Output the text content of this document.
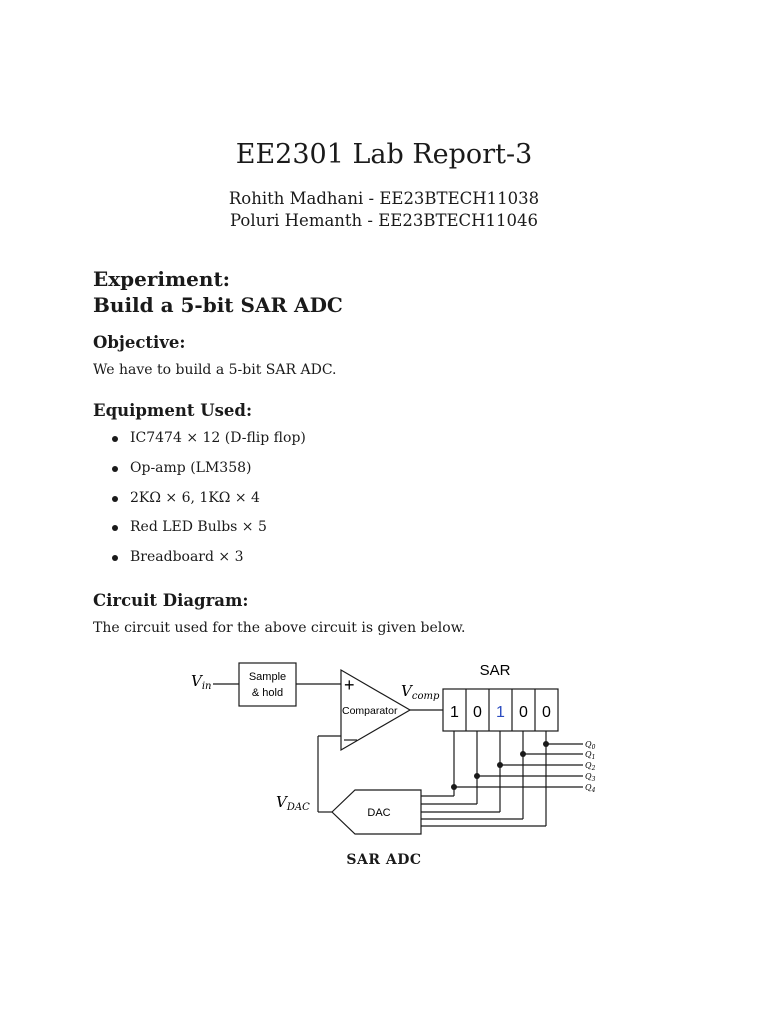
EE2301 Lab Report-3
Rohith Madhani - EE23BTECH11038
Poluri Hemanth - EE23BTECH11046
Experiment:
Build a 5-bit SAR ADC
Objective:

We have to build a 5-bit SAR ADC.

Equipment Used:
IC7474 × 12 (D-flip flop)
Op-amp (LM358)
2KΩ × 6, 1KΩ × 4
Red LED Bulbs × 5
Breadboard × 3
Circuit Diagram:

The circuit used for the above circuit is given below.

$V_{in}$
Sample
& hold	+
Comparator
$V_{comp}$
SAR
1 0 1 0 0
DAC
$V_{DAC}$
$Q_0$
$Q_1$
$Q_2$
$Q_3$
$Q_4$
SAR ADC
